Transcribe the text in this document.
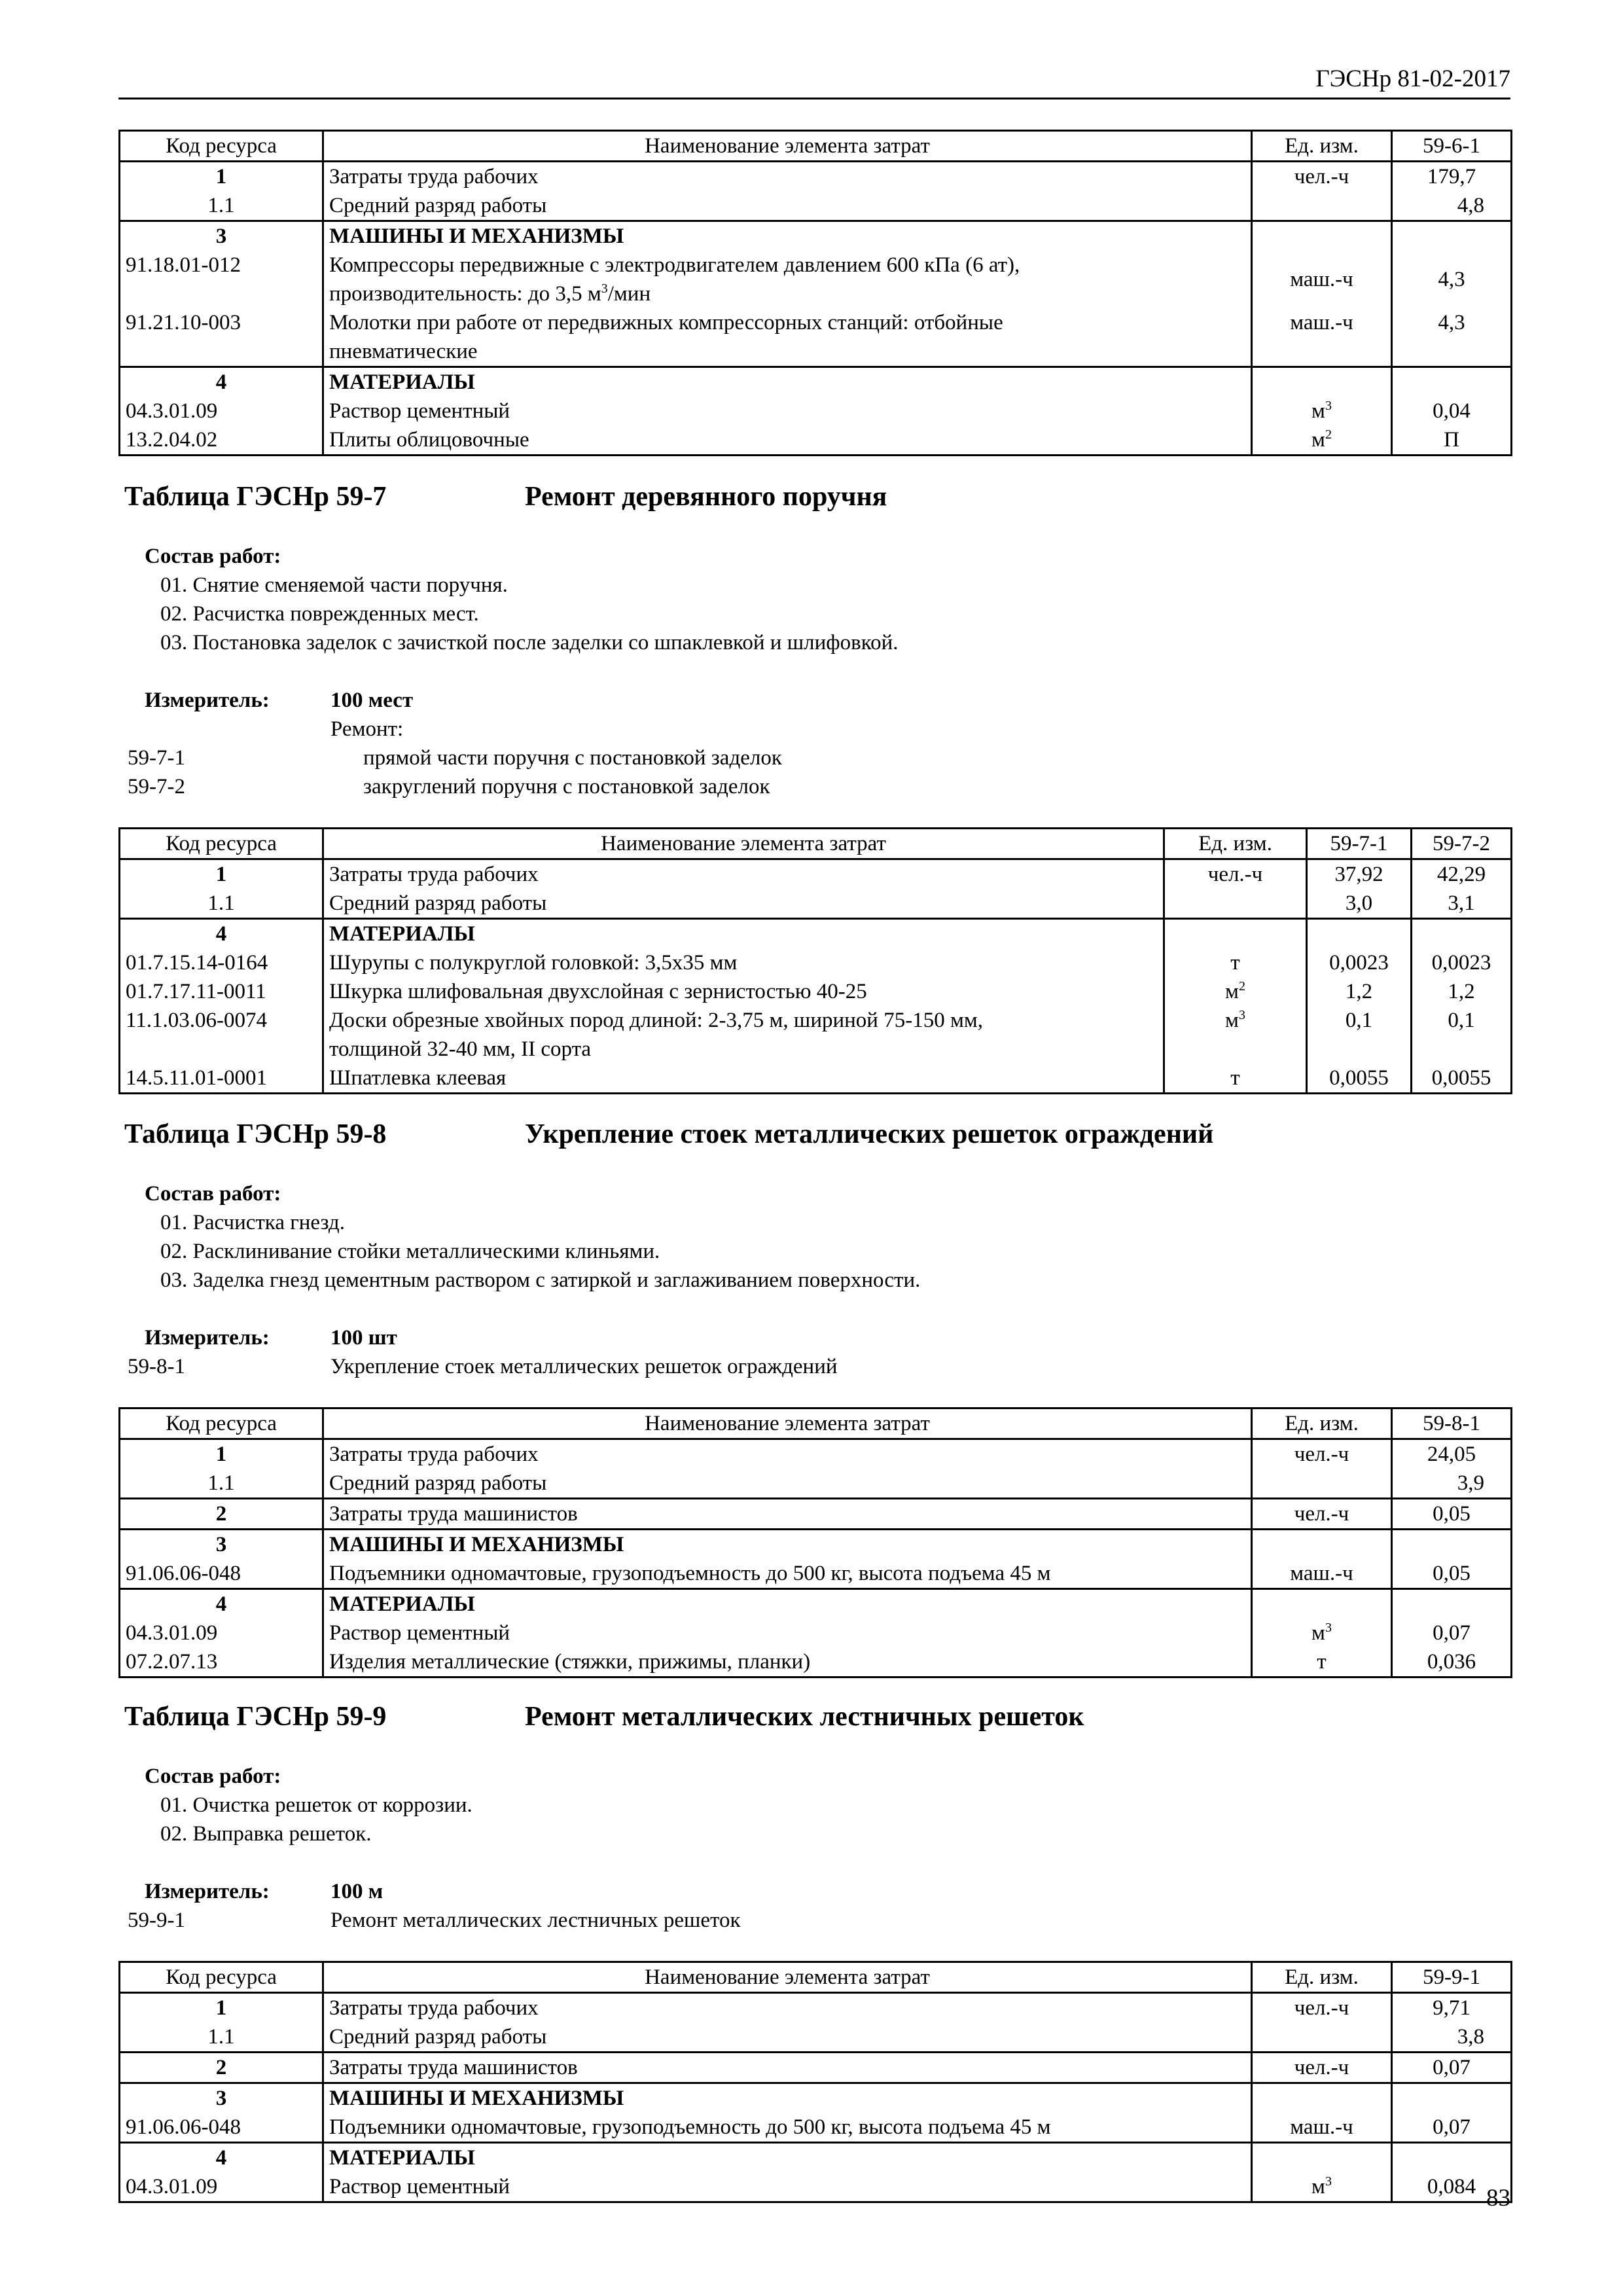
ГЭСНр 81-02-2017
Код ресурса	Наименование элемента затрат	Ед. изм.	59-6-1
1	Затраты труда рабочих	чел.-ч	179,7
1.1	Средний разряд работы		4,8
3	МАШИНЫ И МЕХАНИЗМЫ		
91.18.01-012	Компрессоры передвижные с электродвигателем давлением 600 кПа (6 ат),
производительность: до 3,5 $м^3$/мин	маш.-ч	4,3
91.21.10-003	Молотки при работе от передвижных компрессорных станций: отбойные
пневматические	маш.-ч	4,3
4	МАТЕРИАЛЫ		
04.3.01.09	Раствор цементный	$м^3$	0,04
13.2.04.02	Плиты облицовочные	$м^2$	П
Таблица ГЭСНр 59-7	Ремонт деревянного поручня
Состав работ:
01. Снятие сменяемой части поручня.
02. Расчистка поврежденных мест.
03. Постановка заделок с зачисткой после заделки со шпаклевкой и шлифовкой.
Измеритель:	100 мест
Ремонт:
59-7-1	прямой части поручня с постановкой заделок
59-7-2	закруглений поручня с постановкой заделок
Код ресурса	Наименование элемента затрат	Ед. изм.	59-7-1	59-7-2
1	Затраты труда рабочих	чел.-ч	37,92	42,29
1.1	Средний разряд работы		3,0	3,1
4	МАТЕРИАЛЫ			
01.7.15.14-0164	Шурупы с полукруглой головкой: 3,5х35 мм	т	0,0023	0,0023
01.7.17.11-0011	Шкурка шлифовальная двухслойная с зернистостью 40-25	$м^2$	1,2	1,2
11.1.03.06-0074	Доски обрезные хвойных пород длиной: 2-3,75 м, шириной 75-150 мм,
толщиной 32-40 мм, II сорта	$м^3$	0,1	0,1
14.5.11.01-0001	Шпатлевка клеевая	т	0,0055	0,0055
Таблица ГЭСНр 59-8	Укрепление стоек металлических решеток ограждений
Состав работ:
01. Расчистка гнезд.
02. Расклинивание стойки металлическими клиньями.
03. Заделка гнезд цементным раствором с затиркой и заглаживанием поверхности.
Измеритель:	100 шт
59-8-1	Укрепление стоек металлических решеток ограждений
Код ресурса	Наименование элемента затрат	Ед. изм.	59-8-1
1	Затраты труда рабочих	чел.-ч	24,05
1.1	Средний разряд работы		3,9
2	Затраты труда машинистов	чел.-ч	0,05
3	МАШИНЫ И МЕХАНИЗМЫ		
91.06.06-048	Подъемники одномачтовые, грузоподъемность до 500 кг, высота подъема 45 м	маш.-ч	0,05
4	МАТЕРИАЛЫ		
04.3.01.09	Раствор цементный	$м^3$	0,07
07.2.07.13	Изделия металлические (стяжки, прижимы, планки)	т	0,036
Таблица ГЭСНр 59-9	Ремонт металлических лестничных решеток
Состав работ:
01. Очистка решеток от коррозии.
02. Выправка решеток.
Измеритель:	100 м
59-9-1	Ремонт металлических лестничных решеток
Код ресурса	Наименование элемента затрат	Ед. изм.	59-9-1
1	Затраты труда рабочих	чел.-ч	9,71
1.1	Средний разряд работы		3,8
2	Затраты труда машинистов	чел.-ч	0,07
3	МАШИНЫ И МЕХАНИЗМЫ		
91.06.06-048	Подъемники одномачтовые, грузоподъемность до 500 кг, высота подъема 45 м	маш.-ч	0,07
4	МАТЕРИАЛЫ		
04.3.01.09	Раствор цементный	$м^3$	0,084 83
